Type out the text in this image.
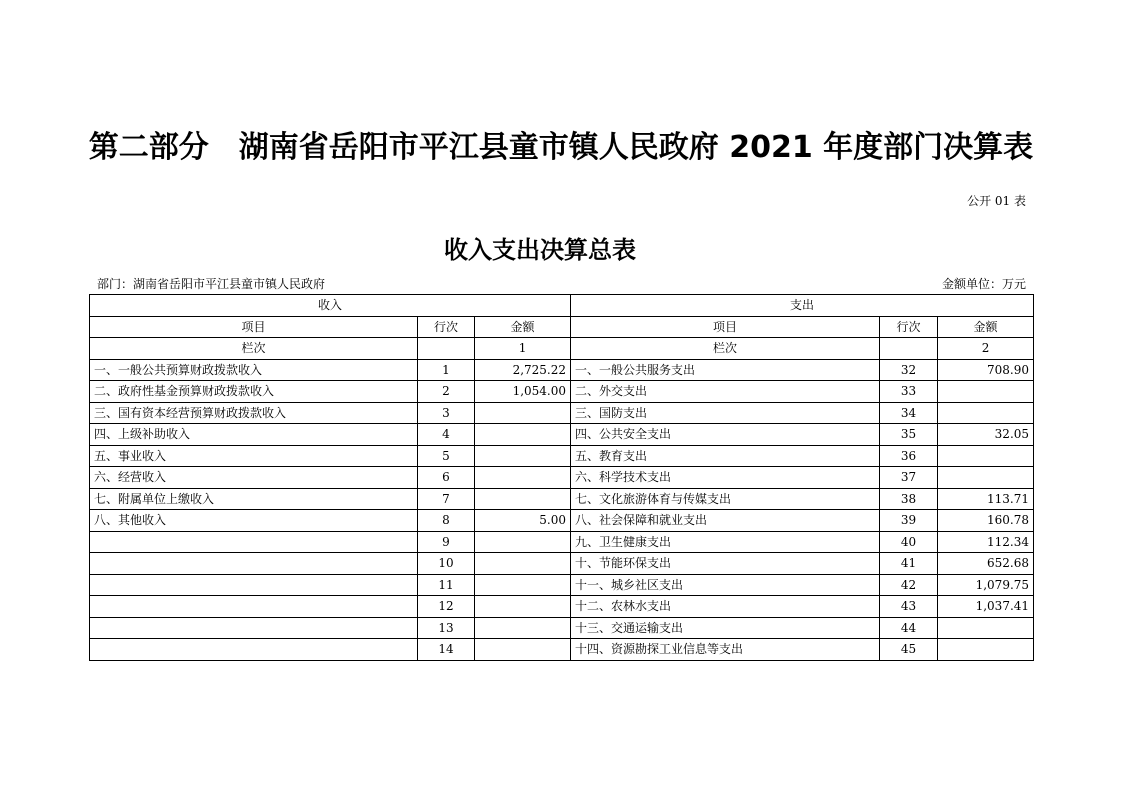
第二部分　湖南省岳阳市平江县童市镇人民政府 2021 年度部门决算表
公开 01 表
收入支出决算总表
部门：湖南省岳阳市平江县童市镇人民政府	金额单位：万元
收入			支出		
项目	行次	金额	项目	行次	金额
栏次		1	栏次		2
一、一般公共预算财政拨款收入	1	2,725.22	一、一般公共服务支出	32	708.90
二、政府性基金预算财政拨款收入	2	1,054.00	二、外交支出	33	
三、国有资本经营预算财政拨款收入	3		三、国防支出	34	
四、上级补助收入	4		四、公共安全支出	35	32.05
五、事业收入	5		五、教育支出	36	
六、经营收入	6		六、科学技术支出	37	
七、附属单位上缴收入	7		七、文化旅游体育与传媒支出	38	113.71
八、其他收入	8	5.00	八、社会保障和就业支出	39	160.78
	9		九、卫生健康支出	40	112.34
	10		十、节能环保支出	41	652.68
	11		十一、城乡社区支出	42	1,079.75
	12		十二、农林水支出	43	1,037.41
	13		十三、交通运输支出	44	
	14		十四、资源勘探工业信息等支出	45	
